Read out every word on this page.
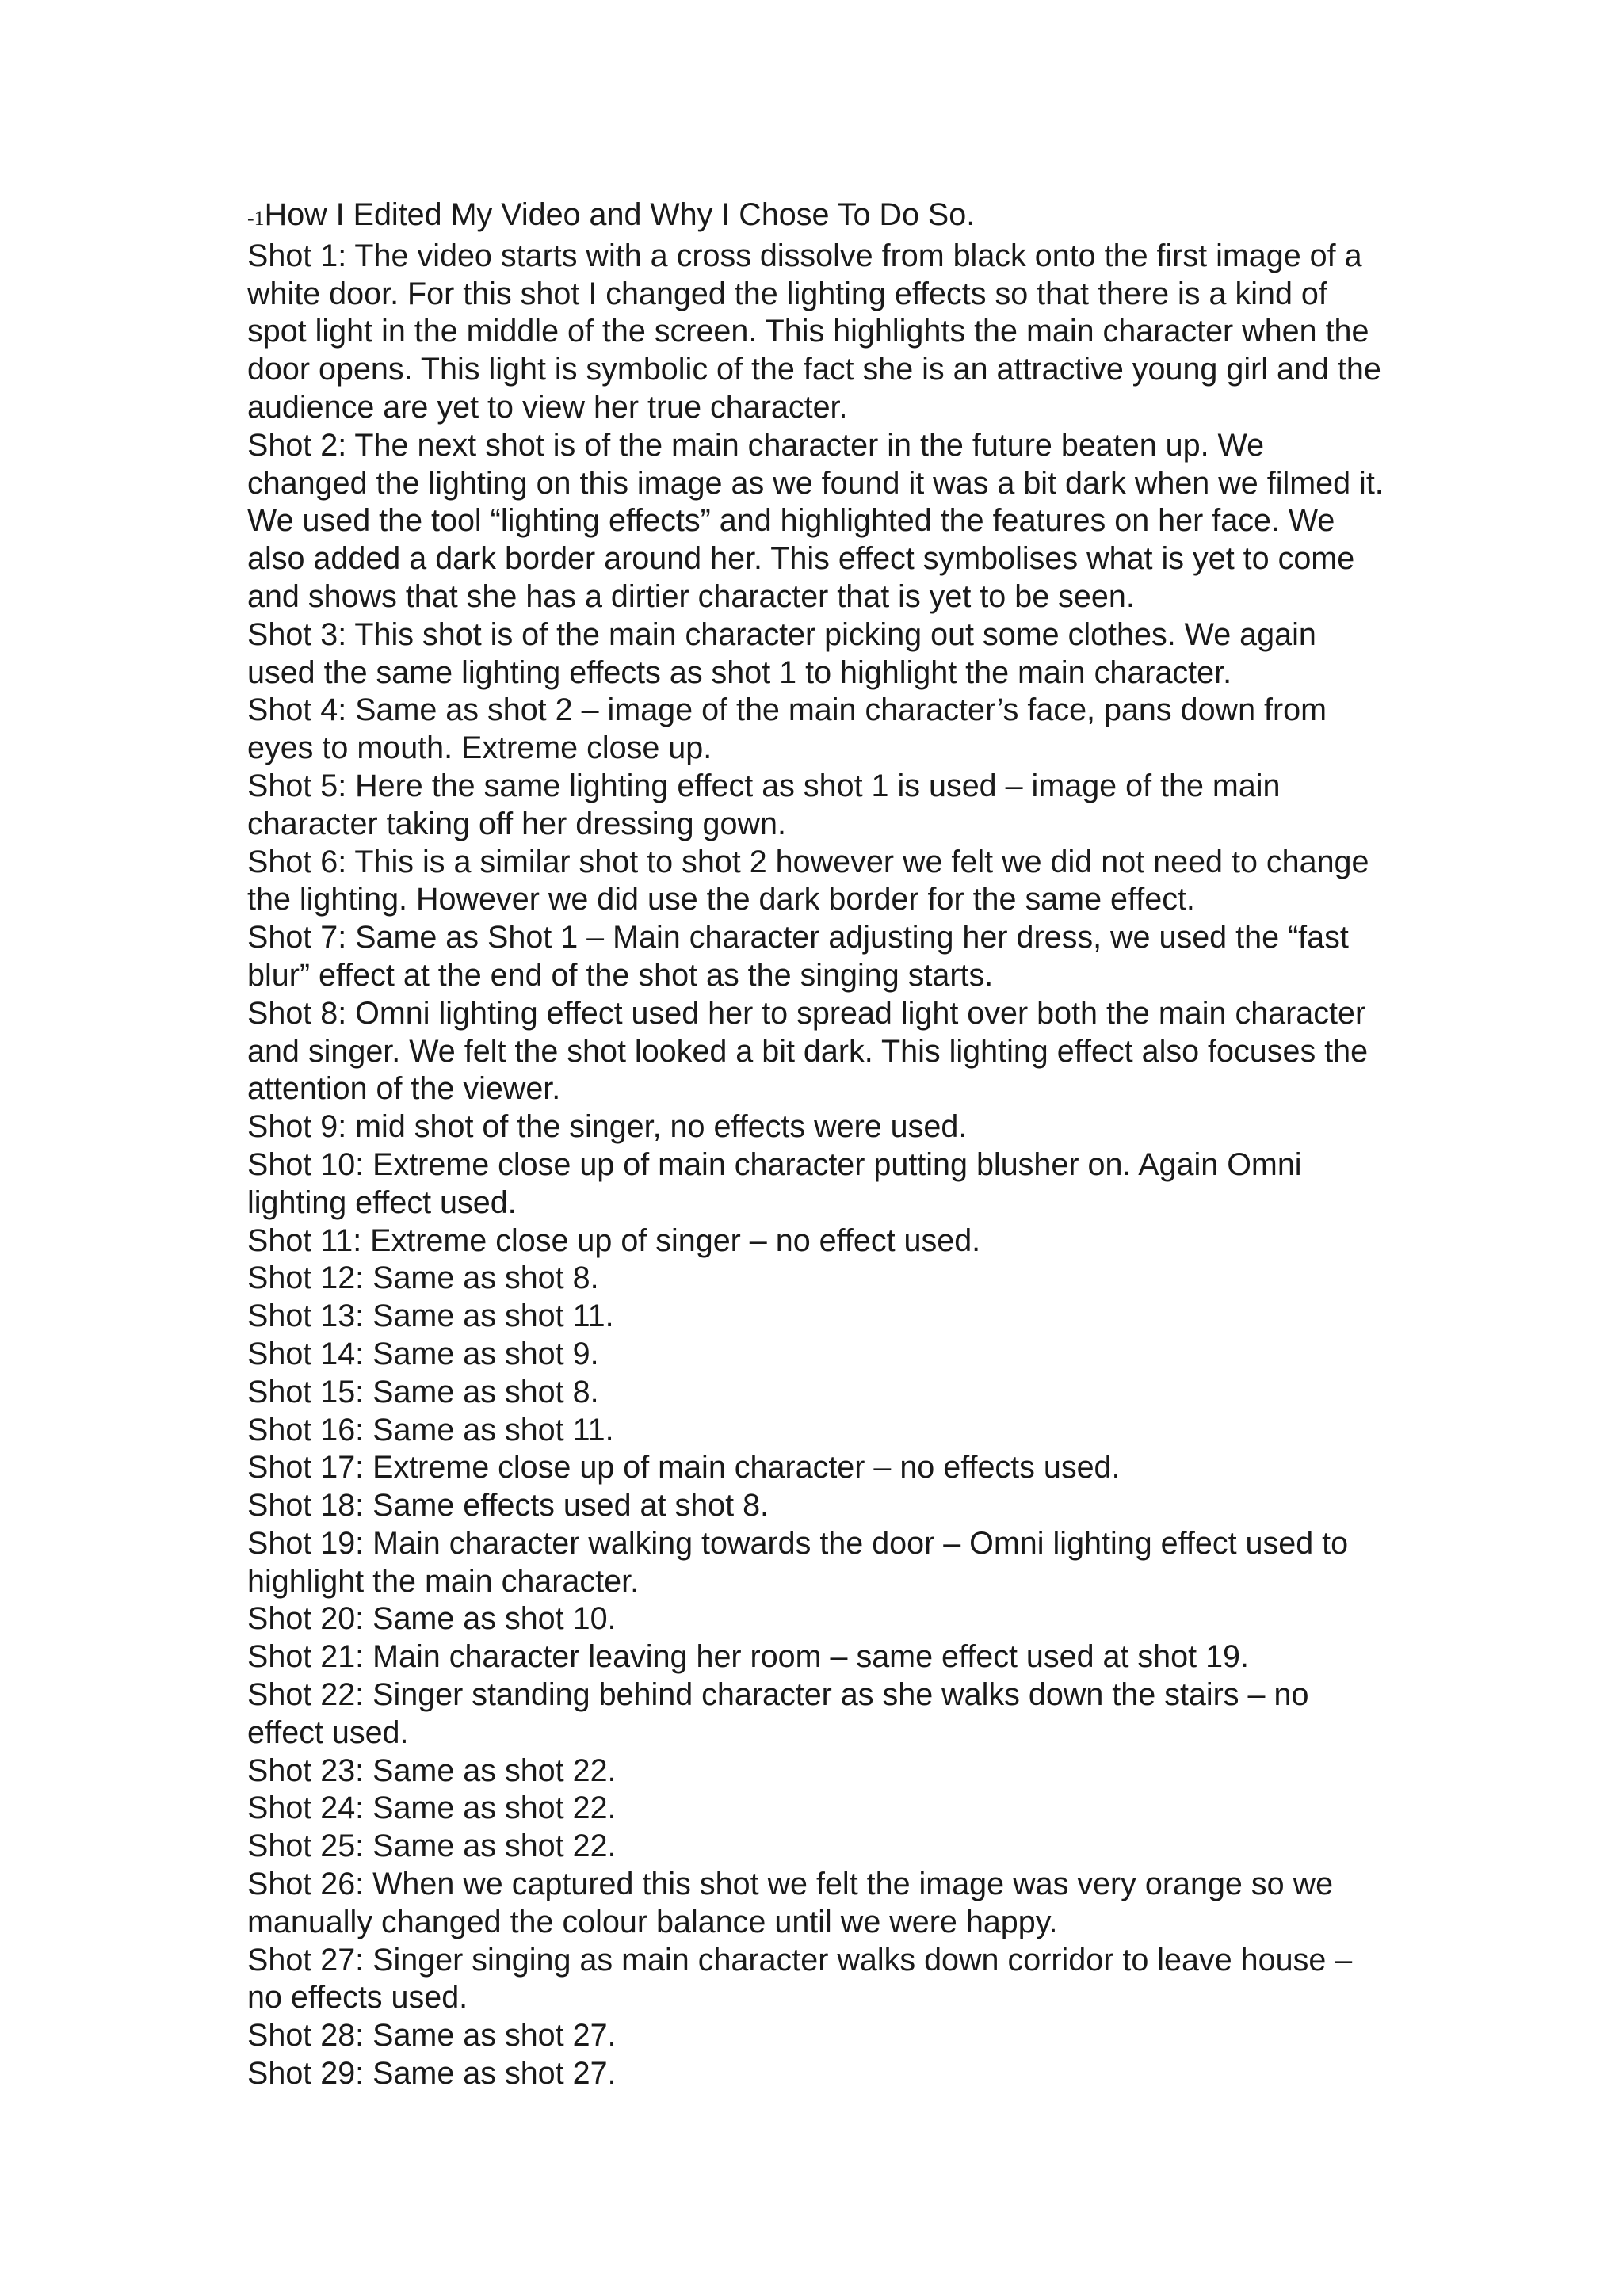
-1How I Edited My Video and Why I Chose To Do So.

Shot 1: The video starts with a cross dissolve from black onto the first image of a white door. For this shot I changed the lighting effects so that there is a kind of spot light in the middle of the screen. This highlights the main character when the door opens. This light is symbolic of the fact she is an attractive young girl and the audience are yet to view her true character.

Shot 2: The next shot is of the main character in the future beaten up. We changed the lighting on this image as we found it was a bit dark when we filmed it. We used the tool “lighting effects” and highlighted the features on her face. We also added a dark border around her. This effect symbolises what is yet to come and shows that she has a dirtier character that is yet to be seen.

Shot 3: This shot is of the main character picking out some clothes. We again used the same lighting effects as shot 1 to highlight the main character.

Shot 4: Same as shot 2 – image of the main character’s face, pans down from eyes to mouth. Extreme close up.

Shot 5: Here the same lighting effect as shot 1 is used – image of the main character taking off her dressing gown.

Shot 6: This is a similar shot to shot 2 however we felt we did not need to change the lighting. However we did use the dark border for the same effect.

Shot 7: Same as Shot 1 – Main character adjusting her dress, we used the “fast blur” effect at the end of the shot as the singing starts.

Shot 8: Omni lighting effect used her to spread light over both the main character and singer. We felt the shot looked a bit dark. This lighting effect also focuses the attention of the viewer.

Shot 9: mid shot of the singer, no effects were used.

Shot 10: Extreme close up of main character putting blusher on. Again Omni lighting effect used.

Shot 11: Extreme close up of singer – no effect used.

Shot 12: Same as shot 8.

Shot 13: Same as shot 11.

Shot 14: Same as shot 9.

Shot 15: Same as shot 8.

Shot 16: Same as shot 11.

Shot 17: Extreme close up of main character – no effects used.

Shot 18: Same effects used at shot 8.

Shot 19: Main character walking towards the door – Omni lighting effect used to highlight the main character.

Shot 20: Same as shot 10.

Shot 21: Main character leaving her room – same effect used at shot 19.

Shot 22: Singer standing behind character as she walks down the stairs – no effect used.

Shot 23: Same as shot 22.

Shot 24: Same as shot 22.

Shot 25: Same as shot 22.

Shot 26: When we captured this shot we felt the image was very orange so we manually changed the colour balance until we were happy.

Shot 27: Singer singing as main character walks down corridor to leave house – no effects used.

Shot 28: Same as shot 27.

Shot 29: Same as shot 27.
